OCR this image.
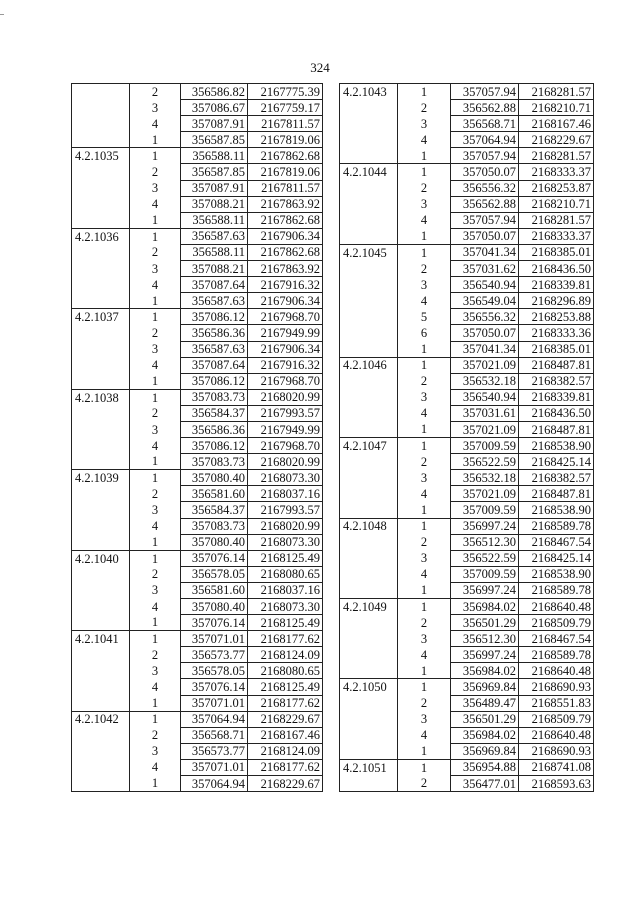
324
	2	356586.82	2167775.39
	3	357086.67	2167759.17
	4	357087.91	2167811.57
	1	356587.85	2167819.06
4.2.1035	1	356588.11	2167862.68
	2	356587.85	2167819.06
	3	357087.91	2167811.57
	4	357088.21	2167863.92
	1	356588.11	2167862.68
4.2.1036	1	356587.63	2167906.34
	2	356588.11	2167862.68
	3	357088.21	2167863.92
	4	357087.64	2167916.32
	1	356587.63	2167906.34
4.2.1037	1	357086.12	2167968.70
	2	356586.36	2167949.99
	3	356587.63	2167906.34
	4	357087.64	2167916.32
	1	357086.12	2167968.70
4.2.1038	1	357083.73	2168020.99
	2	356584.37	2167993.57
	3	356586.36	2167949.99
	4	357086.12	2167968.70
	1	357083.73	2168020.99
4.2.1039	1	357080.40	2168073.30
	2	356581.60	2168037.16
	3	356584.37	2167993.57
	4	357083.73	2168020.99
	1	357080.40	2168073.30
4.2.1040	1	357076.14	2168125.49
	2	356578.05	2168080.65
	3	356581.60	2168037.16
	4	357080.40	2168073.30
	1	357076.14	2168125.49
4.2.1041	1	357071.01	2168177.62
	2	356573.77	2168124.09
	3	356578.05	2168080.65
	4	357076.14	2168125.49
	1	357071.01	2168177.62
4.2.1042	1	357064.94	2168229.67
	2	356568.71	2168167.46
	3	356573.77	2168124.09
	4	357071.01	2168177.62
	1	357064.94	2168229.67
4.2.1043	1	357057.94	2168281.57
	2	356562.88	2168210.71
	3	356568.71	2168167.46
	4	357064.94	2168229.67
	1	357057.94	2168281.57
4.2.1044	1	357050.07	2168333.37
	2	356556.32	2168253.87
	3	356562.88	2168210.71
	4	357057.94	2168281.57
	1	357050.07	2168333.37
4.2.1045	1	357041.34	2168385.01
	2	357031.62	2168436.50
	3	356540.94	2168339.81
	4	356549.04	2168296.89
	5	356556.32	2168253.88
	6	357050.07	2168333.36
	1	357041.34	2168385.01
4.2.1046	1	357021.09	2168487.81
	2	356532.18	2168382.57
	3	356540.94	2168339.81
	4	357031.61	2168436.50
	1	357021.09	2168487.81
4.2.1047	1	357009.59	2168538.90
	2	356522.59	2168425.14
	3	356532.18	2168382.57
	4	357021.09	2168487.81
	1	357009.59	2168538.90
4.2.1048	1	356997.24	2168589.78
	2	356512.30	2168467.54
	3	356522.59	2168425.14
	4	357009.59	2168538.90
	1	356997.24	2168589.78
4.2.1049	1	356984.02	2168640.48
	2	356501.29	2168509.79
	3	356512.30	2168467.54
	4	356997.24	2168589.78
	1	356984.02	2168640.48
4.2.1050	1	356969.84	2168690.93
	2	356489.47	2168551.83
	3	356501.29	2168509.79
	4	356984.02	2168640.48
	1	356969.84	2168690.93
4.2.1051	1	356954.88	2168741.08
	2	356477.01	2168593.63
